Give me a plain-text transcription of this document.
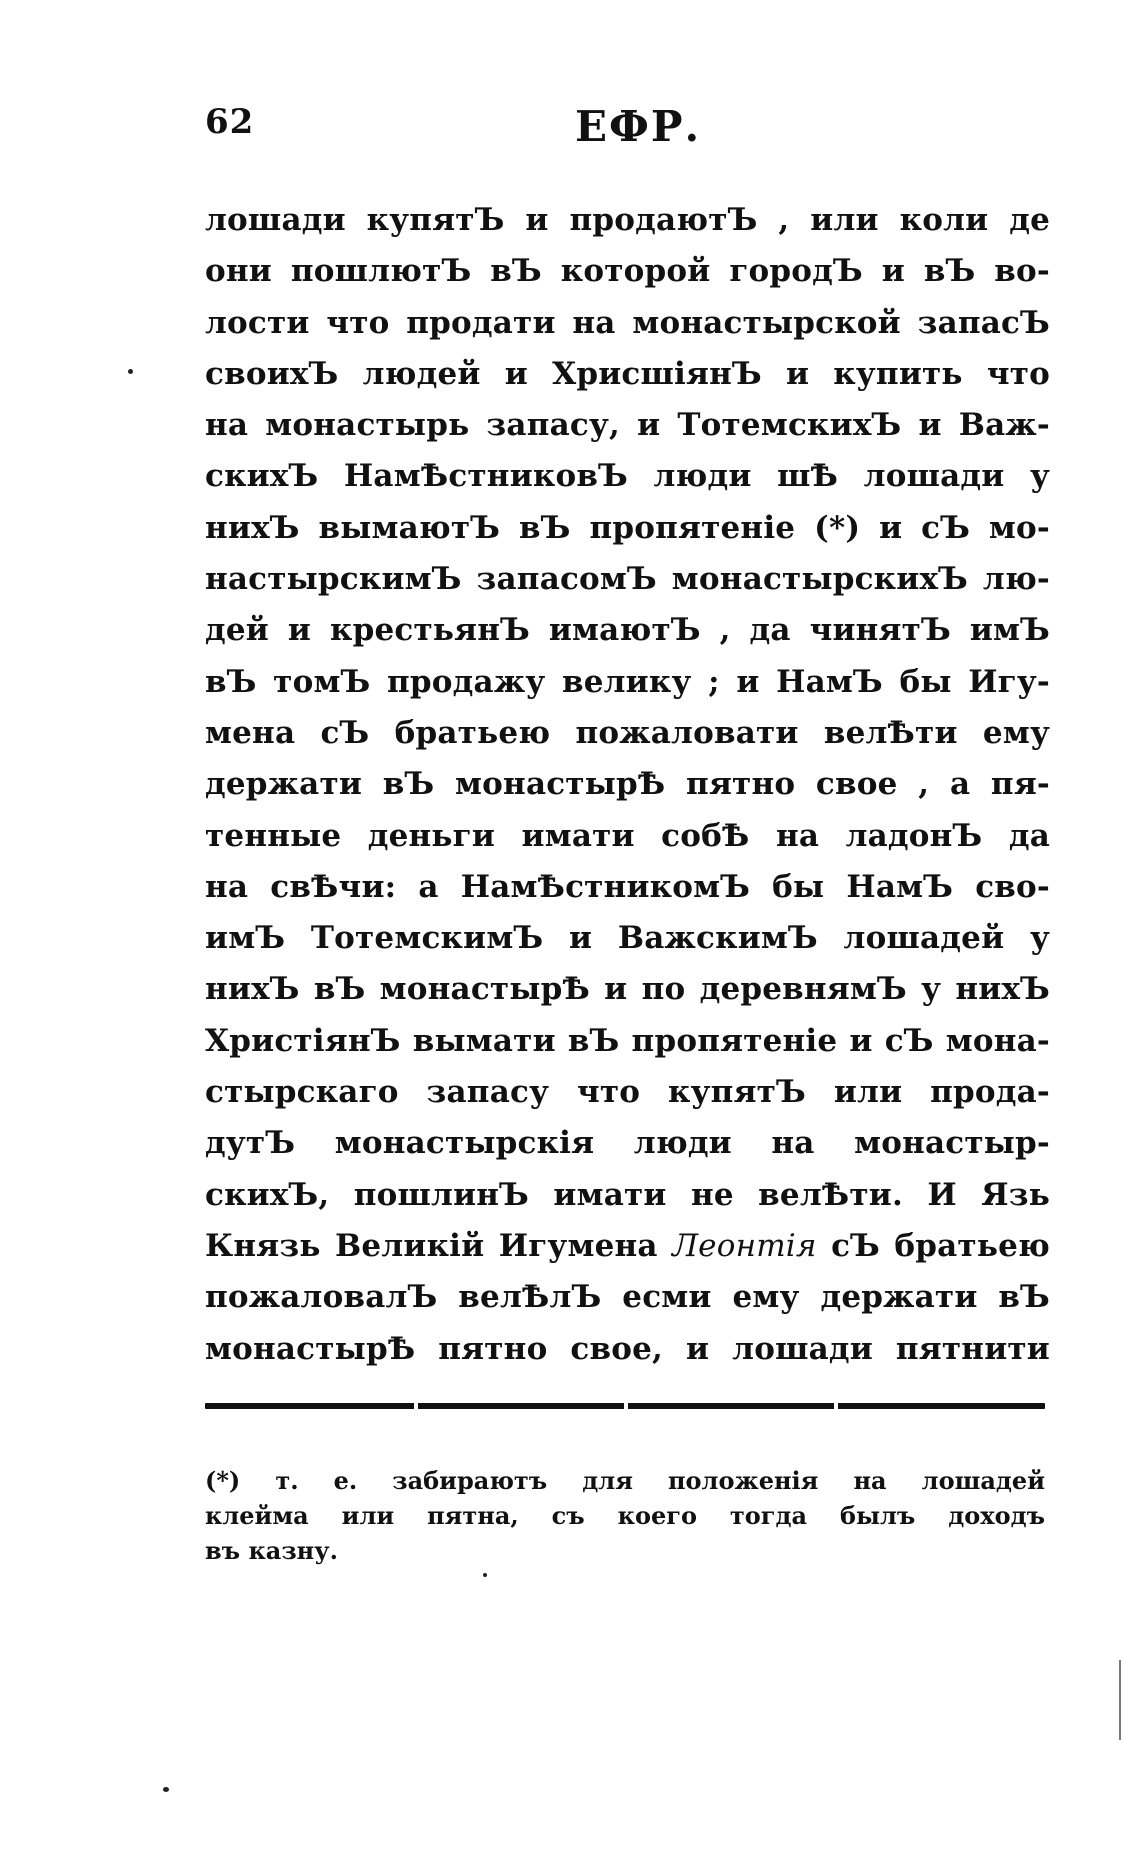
62	ЕФР.
лошади купятЪ и продаютЪ , или коли де
они пошлютЪ вЪ которой городЪ и вЪ во-
лости что продати на монастырской запасЪ
своихЪ людей и ХрисшіянЪ и купить что
на монастырь запасу, и ТотемскихЪ и Важ-
скихЪ НамѢстниковЪ люди шѢ лошади у
нихЪ вымаютЪ вЪ пропятеніе (*) и сЪ мо-
настырскимЪ запасомЪ монастырскихЪ лю-
дей и крестьянЪ имаютЪ , да чинятЪ имЪ
вЪ томЪ продажу велику ; и НамЪ бы Игу-
мена сЪ братьею пожаловати велѢти ему
держати вЪ монастырѢ пятно свое , а пя-
тенные деньги имати собѢ на ладонЪ да
на свѢчи: а НамѢстникомЪ бы НамЪ сво-
имЪ ТотемскимЪ и ВажскимЪ лошадей у
нихЪ вЪ монастырѢ и по деревнямЪ у нихЪ
ХристіянЪ вымати вЪ пропятеніе и сЪ мона-
стырскаго запасу что купятЪ или прода-
дутЪ монастырскія люди на монастыр-
скихЪ, пошлинЪ имати не велѢти. И Язь
Князь Великій Игумена Леонтія сЪ братьею
пожаловалЪ велѢлЪ есми ему держати вЪ
монастырѢ пятно свое, и лошади пятнити
(*) т. е. забираютъ для положенія на лошадей
клейма или пятна, съ коего тогда былъ доходъ
въ казну.
